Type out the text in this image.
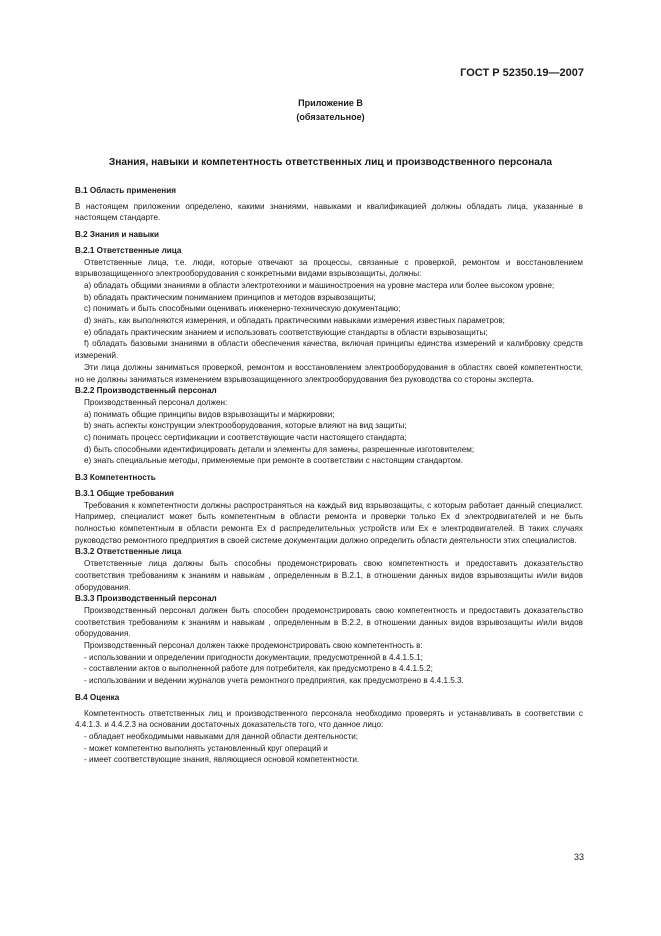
ГОСТ Р 52350.19—2007
Приложение В
(обязательное)
Знания, навыки и компетентность ответственных лиц и производственного персонала

В.1 Область применения

В настоящем приложении определено, какими знаниями, навыками и квалификацией должны обладать лица, указанные в настоящем стандарте.

В.2 Знания и навыки

В.2.1 Ответственные лица

Ответственные лица, т.е. люди, которые отвечают за процессы, связанные с проверкой, ремонтом и восстановлением взрывозащищенного электрооборудования с конкретными видами взрывозащиты, должны:

a) обладать общими знаниями в области электротехники и машиностроения на уровне мастера или более высоком уровне;

b) обладать практическим пониманием принципов и методов взрывозащиты;

c) понимать и быть способными оценивать инженерно-техническую документацию;

d) знать, как выполняются измерения, и обладать практическими навыками измерения известных параметров;

e) обладать практическим знанием и использовать соответствующие стандарты в области взрывозащиты;

f) обладать базовыми знаниями в области обеспечения качества, включая принципы единства измерений и калибровку средств измерений.

Эти лица должны заниматься проверкой, ремонтом и восстановлением электрооборудования в областях своей компетентности, но не должны заниматься изменением взрывозащищенного электрооборудования без руководства со стороны эксперта.

В.2.2 Производственный персонал

Производственный персонал должен:

a) понимать общие принципы видов взрывозащиты и маркировки;

b) знать аспекты конструкции электрооборудования, которые влияют на вид защиты;

c) понимать процесс сертификации и соответствующие части настоящего стандарта;

d) быть способными идентифицировать детали и элементы для замены, разрешенные изготовителем;

e) знать специальные методы, применяемые при ремонте в соответствии с настоящим стандартом.

В.3 Компетентность

В.3.1 Общие требования

Требования к компетентности должны распространяться на каждый вид взрывозащиты, с которым работает данный специалист. Например, специалист может быть компетентным в области ремонта и проверки только Ex d электродвигателей и не быть полностью компетентным в области ремонта Ex d распределительных устройств или Ex e электродвигателей. В таких случаях руководство ремонтного предприятия в своей системе документации должно определить области деятельности этих специалистов.

В.3.2 Ответственные лица

Ответственные лица должны быть способны продемонстрировать свою компетентность и предоставить доказательство соответствия требованиям к знаниям и навыкам , определенным в В.2.1, в отношении данных видов взрывозащиты и/или видов оборудования.

В.3.3 Производственный персонал

Производственный персонал должен быть способен продемонстрировать свою компетентность и предоставить доказательство соответствия требованиям к знаниям и навыкам , определенным в В.2.2, в отношении данных видов взрывозащиты и/или видов оборудования.

Производственный персонал должен также продемонстрировать свою компетентность в:

- использовании и определении пригодности документации, предусмотренной в 4.4.1.5.1;

- составлении актов о выполненной работе для потребителя, как предусмотрено в 4.4.1.5.2;

- использовании и ведении журналов учета ремонтного предприятия, как предусмотрено в 4.4.1.5.3.

В.4 Оценка

Компетентность ответственных лиц и производственного персонала необходимо проверять и устанавливать в соответствии с 4.4.1.3. и 4.4.2.3 на основании достаточных доказательств того, что данное лицо:

- обладает необходимыми навыками для данной области деятельности;

- может компетентно выполнять установленный круг операций и

- имеет соответствующие знания, являющиеся основой компетентности.

33
